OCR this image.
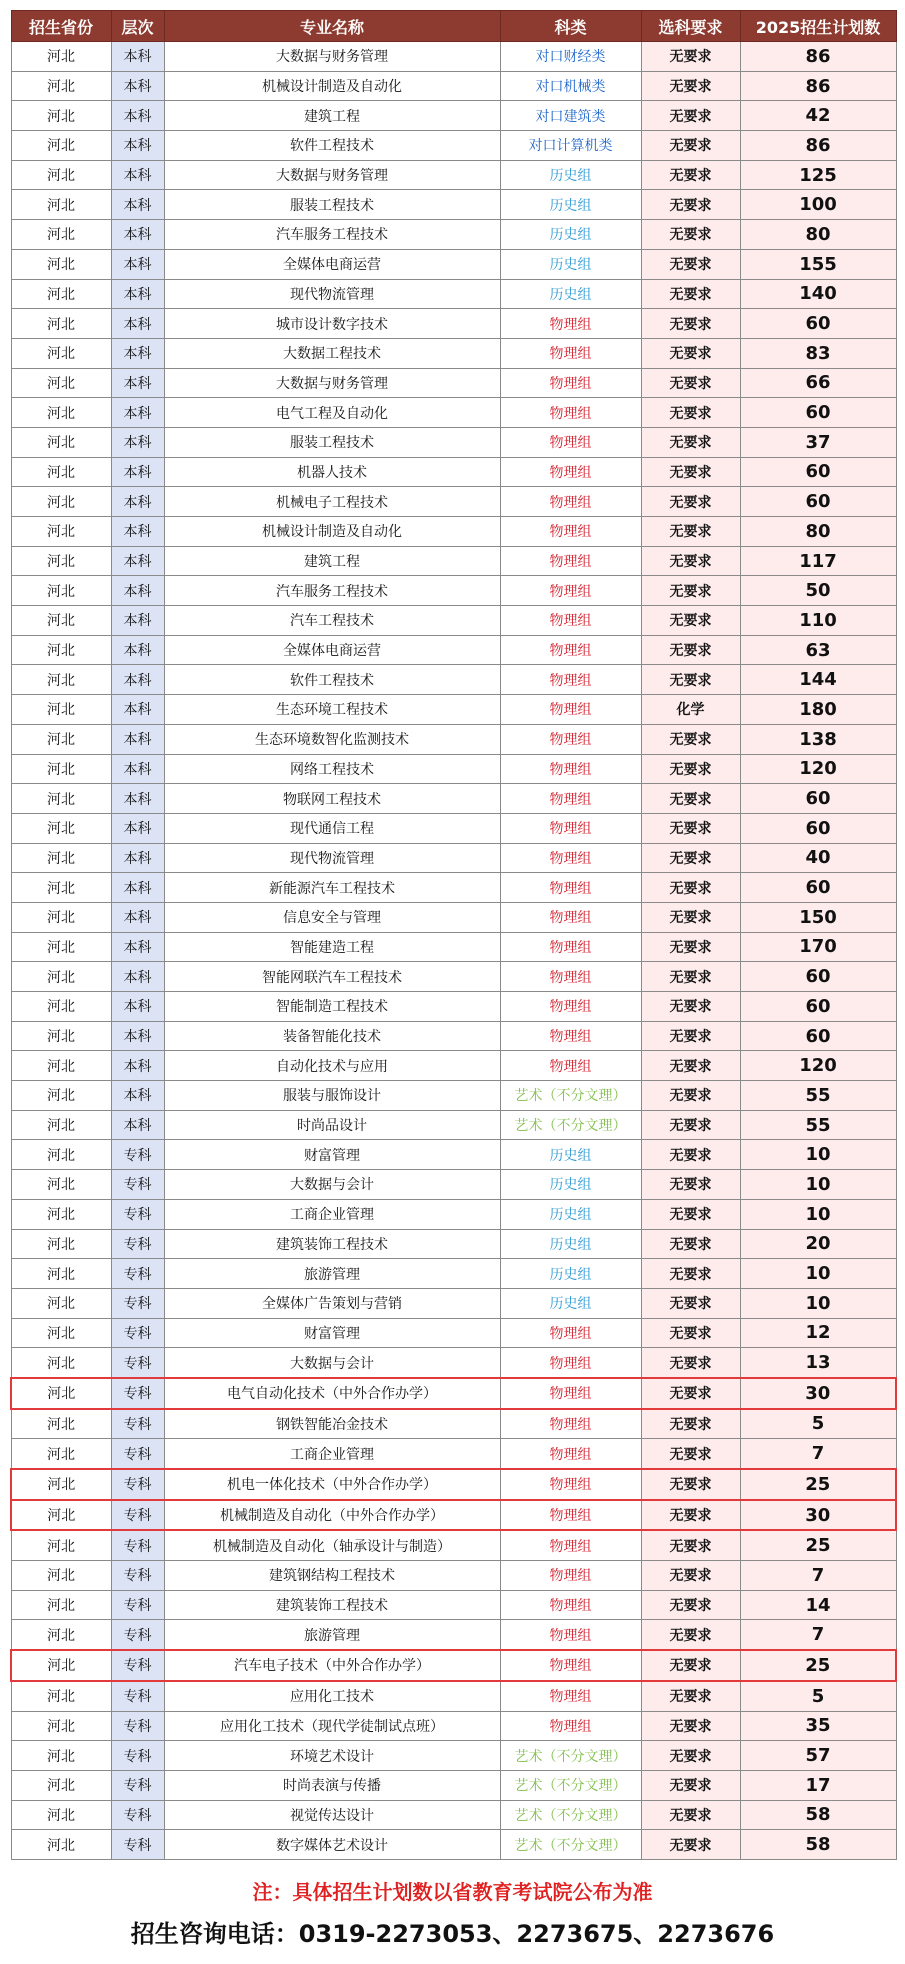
招生省份	层次	专业名称	科类	选科要求	2025招生计划数
河北	本科	大数据与财务管理	对口财经类	无要求	86
河北	本科	机械设计制造及自动化	对口机械类	无要求	86
河北	本科	建筑工程	对口建筑类	无要求	42
河北	本科	软件工程技术	对口计算机类	无要求	86
河北	本科	大数据与财务管理	历史组	无要求	125
河北	本科	服装工程技术	历史组	无要求	100
河北	本科	汽车服务工程技术	历史组	无要求	80
河北	本科	全媒体电商运营	历史组	无要求	155
河北	本科	现代物流管理	历史组	无要求	140
河北	本科	城市设计数字技术	物理组	无要求	60
河北	本科	大数据工程技术	物理组	无要求	83
河北	本科	大数据与财务管理	物理组	无要求	66
河北	本科	电气工程及自动化	物理组	无要求	60
河北	本科	服装工程技术	物理组	无要求	37
河北	本科	机器人技术	物理组	无要求	60
河北	本科	机械电子工程技术	物理组	无要求	60
河北	本科	机械设计制造及自动化	物理组	无要求	80
河北	本科	建筑工程	物理组	无要求	117
河北	本科	汽车服务工程技术	物理组	无要求	50
河北	本科	汽车工程技术	物理组	无要求	110
河北	本科	全媒体电商运营	物理组	无要求	63
河北	本科	软件工程技术	物理组	无要求	144
河北	本科	生态环境工程技术	物理组	化学	180
河北	本科	生态环境数智化监测技术	物理组	无要求	138
河北	本科	网络工程技术	物理组	无要求	120
河北	本科	物联网工程技术	物理组	无要求	60
河北	本科	现代通信工程	物理组	无要求	60
河北	本科	现代物流管理	物理组	无要求	40
河北	本科	新能源汽车工程技术	物理组	无要求	60
河北	本科	信息安全与管理	物理组	无要求	150
河北	本科	智能建造工程	物理组	无要求	170
河北	本科	智能网联汽车工程技术	物理组	无要求	60
河北	本科	智能制造工程技术	物理组	无要求	60
河北	本科	装备智能化技术	物理组	无要求	60
河北	本科	自动化技术与应用	物理组	无要求	120
河北	本科	服装与服饰设计	艺术（不分文理）	无要求	55
河北	本科	时尚品设计	艺术（不分文理）	无要求	55
河北	专科	财富管理	历史组	无要求	10
河北	专科	大数据与会计	历史组	无要求	10
河北	专科	工商企业管理	历史组	无要求	10
河北	专科	建筑装饰工程技术	历史组	无要求	20
河北	专科	旅游管理	历史组	无要求	10
河北	专科	全媒体广告策划与营销	历史组	无要求	10
河北	专科	财富管理	物理组	无要求	12
河北	专科	大数据与会计	物理组	无要求	13
河北	专科	电气自动化技术（中外合作办学）	物理组	无要求	30
河北	专科	钢铁智能冶金技术	物理组	无要求	5
河北	专科	工商企业管理	物理组	无要求	7
河北	专科	机电一体化技术（中外合作办学）	物理组	无要求	25
河北	专科	机械制造及自动化（中外合作办学）	物理组	无要求	30
河北	专科	机械制造及自动化（轴承设计与制造）	物理组	无要求	25
河北	专科	建筑钢结构工程技术	物理组	无要求	7
河北	专科	建筑装饰工程技术	物理组	无要求	14
河北	专科	旅游管理	物理组	无要求	7
河北	专科	汽车电子技术（中外合作办学）	物理组	无要求	25
河北	专科	应用化工技术	物理组	无要求	5
河北	专科	应用化工技术（现代学徒制试点班）	物理组	无要求	35
河北	专科	环境艺术设计	艺术（不分文理）	无要求	57
河北	专科	时尚表演与传播	艺术（不分文理）	无要求	17
河北	专科	视觉传达设计	艺术（不分文理）	无要求	58
河北	专科	数字媒体艺术设计	艺术（不分文理）	无要求	58
注：具体招生计划数以省教育考试院公布为准
招生咨询电话：0319-2273053、2273675、2273676
